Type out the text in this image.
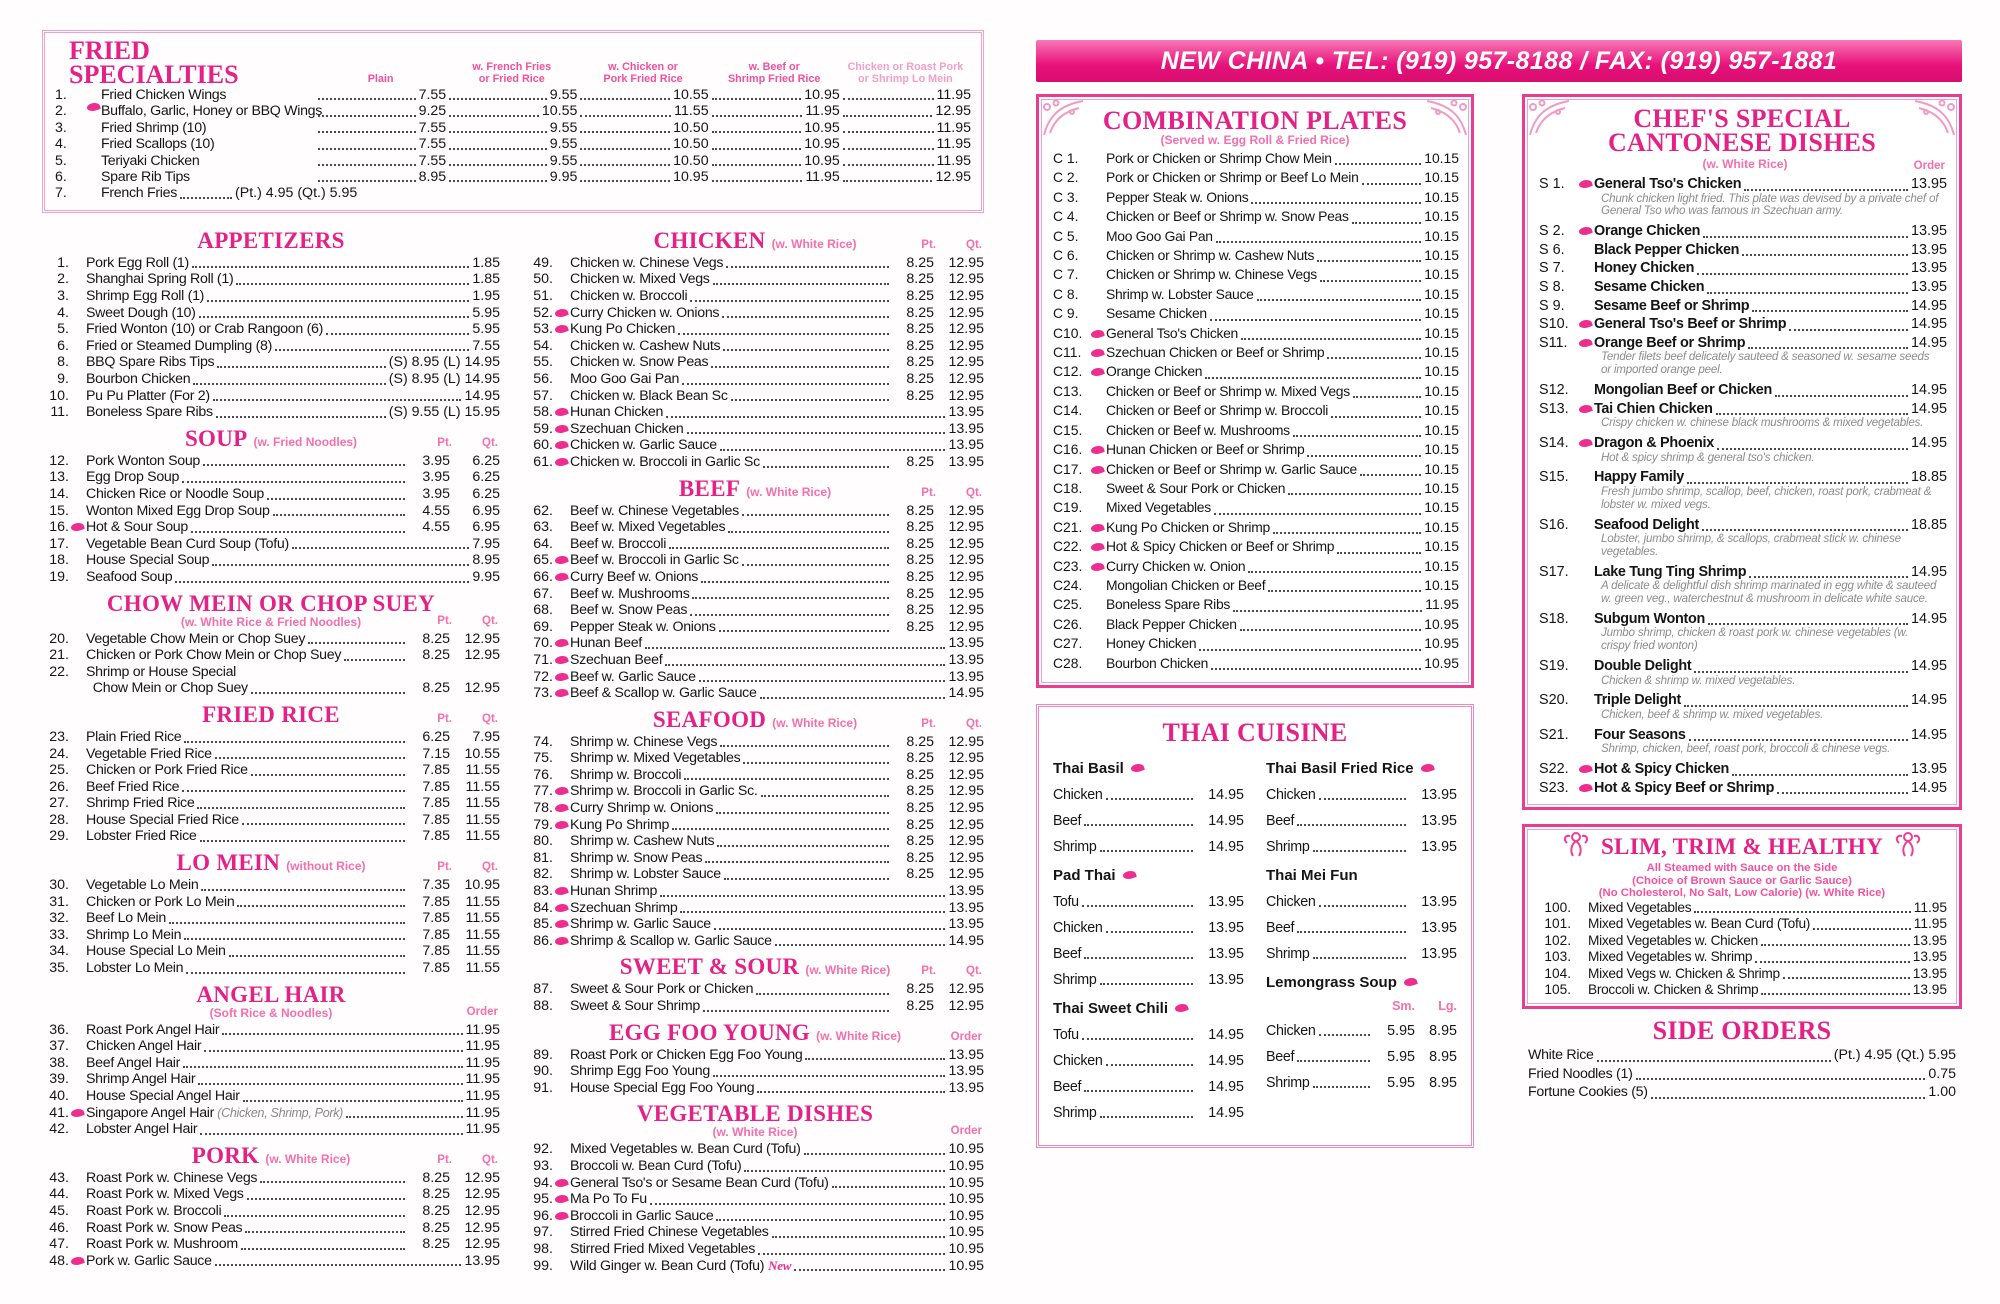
FRIED SPECIALTIES	Plain
w. French Fries
or Fried Rice
w. Chicken or
Pork Fried Rice
w. Beef or
Shrimp Fried Rice
Chicken or Roast Pork
or Shrimp Lo Mein
1.	Fried Chicken Wings	7.55	9.55	10.55	10.95	11.95
2.	Buffalo, Garlic, Honey or BBQ Wings	9.25	10.55	11.55	11.95	12.95
3.	Fried Shrimp (10)	7.55	9.55	10.50	10.95	11.95
4.	Fried Scallops (10)	7.55	9.55	10.50	10.95	11.95
5.	Teriyaki Chicken	7.55	9.55	10.50	10.95	11.95
6.	Spare Rib Tips	8.95	9.95	10.95	11.95	12.95
7.	French Fries	(Pt.) 4.95 (Qt.) 5.95
APPETIZERS
1. Pork Egg Roll (1)	1.85
2. Shanghai Spring Roll (1)	1.85
3. Shrimp Egg Roll (1)	1.95
4. Sweet Dough (10)	5.95
5. Fried Wonton (10) or Crab Rangoon (6)	5.95
6. Fried or Steamed Dumpling (8)	7.55
8. BBQ Spare Ribs Tips	(S) 8.95 (L) 14.95
9. Bourbon Chicken	(S) 8.95 (L) 14.95
10. Pu Pu Platter (For 2)	14.95
11. Boneless Spare Ribs	(S) 9.55 (L) 15.95
SOUP (w. Fried Noodles)	Pt.	Qt.
12. Pork Wonton Soup	3.95	6.25
13. Egg Drop Soup	3.95	6.25
14. Chicken Rice or Noodle Soup	3.95	6.25
15. Wonton Mixed Egg Drop Soup	4.55	6.95
16. Hot & Sour Soup	4.55	6.95
17. Vegetable Bean Curd Soup (Tofu)	7.95
18. House Special Soup	8.95
19. Seafood Soup	9.95
CHOW MEIN OR CHOP SUEY
(w. White Rice & Fried Noodles)	Pt.	Qt.
20. Vegetable Chow Mein or Chop Suey	8.25	12.95
21. Chicken or Pork Chow Mein or Chop Suey	8.25	12.95
22. Shrimp or House Special
 Chow Mein or Chop Suey	8.25	12.95
FRIED RICE	Pt.	Qt.
23. Plain Fried Rice	6.25	7.95
24. Vegetable Fried Rice	7.15	10.55
25. Chicken or Pork Fried Rice	7.85	11.55
26. Beef Fried Rice	7.85	11.55
27. Shrimp Fried Rice	7.85	11.55
28. House Special Fried Rice	7.85	11.55
29. Lobster Fried Rice	7.85	11.55
LO MEIN (without Rice)	Pt.	Qt.
30. Vegetable Lo Mein	7.35	10.95
31. Chicken or Pork Lo Mein	7.85	11.55
32. Beef Lo Mein	7.85	11.55
33. Shrimp Lo Mein	7.85	11.55
34. House Special Lo Mein	7.85	11.55
35. Lobster Lo Mein	7.85	11.55
ANGEL HAIR
(Soft Rice & Noodles)	Order
36. Roast Pork Angel Hair	11.95
37. Chicken Angel Hair	11.95
38. Beef Angel Hair	11.95
39. Shrimp Angel Hair	11.95
40. House Special Angel Hair	11.95
41. Singapore Angel Hair (Chicken, Shrimp, Pork)	11.95
42. Lobster Angel Hair	11.95
PORK (w. White Rice)	Pt.	Qt.
43. Roast Pork w. Chinese Vegs	8.25	12.95
44. Roast Pork w. Mixed Vegs	8.25	12.95
45. Roast Pork w. Broccoli	8.25	12.95
46. Roast Pork w. Snow Peas	8.25	12.95
47. Roast Pork w. Mushroom	8.25	12.95
48. Pork w. Garlic Sauce	13.95
CHICKEN (w. White Rice)	Pt.	Qt.
49. Chicken w. Chinese Vegs	8.25	12.95
50. Chicken w. Mixed Vegs	8.25	12.95
51. Chicken w. Broccoli	8.25	12.95
52. Curry Chicken w. Onions	8.25	12.95
53. Kung Po Chicken	8.25	12.95
54. Chicken w. Cashew Nuts	8.25	12.95
55. Chicken w. Snow Peas	8.25	12.95
56. Moo Goo Gai Pan	8.25	12.95
57. Chicken w. Black Bean Sc	8.25	12.95
58. Hunan Chicken	13.95
59. Szechuan Chicken	13.95
60. Chicken w. Garlic Sauce	13.95
61. Chicken w. Broccoli in Garlic Sc	8.25	13.95
BEEF (w. White Rice)	Pt.	Qt.
62. Beef w. Chinese Vegetables	8.25	12.95
63. Beef w. Mixed Vegetables	8.25	12.95
64. Beef w. Broccoli	8.25	12.95
65. Beef w. Broccoli in Garlic Sc	8.25	12.95
66. Curry Beef w. Onions	8.25	12.95
67. Beef w. Mushrooms	8.25	12.95
68. Beef w. Snow Peas	8.25	12.95
69. Pepper Steak w. Onions	8.25	12.95
70. Hunan Beef	13.95
71. Szechuan Beef	13.95
72. Beef w. Garlic Sauce	13.95
73. Beef & Scallop w. Garlic Sauce	14.95
SEAFOOD (w. White Rice)	Pt.	Qt.
74. Shrimp w. Chinese Vegs	8.25	12.95
75. Shrimp w. Mixed Vegetables	8.25	12.95
76. Shrimp w. Broccoli	8.25	12.95
77. Shrimp w. Broccoli in Garlic Sc.	8.25	12.95
78. Curry Shrimp w. Onions	8.25	12.95
79. Kung Po Shrimp	8.25	12.95
80. Shrimp w. Cashew Nuts	8.25	12.95
81. Shrimp w. Snow Peas	8.25	12.95
82. Shrimp w. Lobster Sauce	8.25	12.95
83. Hunan Shrimp	13.95
84. Szechuan Shrimp	13.95
85. Shrimp w. Garlic Sauce	13.95
86. Shrimp & Scallop w. Garlic Sauce	14.95
SWEET & SOUR (w. White Rice)	Pt.	Qt.
87. Sweet & Sour Pork or Chicken	8.25	12.95
88. Sweet & Sour Shrimp	8.25	12.95
EGG FOO YOUNG (w. White Rice)	Order
89. Roast Pork or Chicken Egg Foo Young	13.95
90. Shrimp Egg Foo Young	13.95
91. House Special Egg Foo Young	13.95
VEGETABLE DISHES
(w. White Rice)	Order
92. Mixed Vegetables w. Bean Curd (Tofu)	10.95
93. Broccoli w. Bean Curd (Tofu)	10.95
94. General Tso's or Sesame Bean Curd (Tofu)	10.95
95. Ma Po To Fu	10.95
96. Broccoli in Garlic Sauce	10.95
97. Stirred Fried Chinese Vegetables	10.95
98. Stirred Fried Mixed Vegetables	10.95
99. Wild Ginger w. Bean Curd (Tofu) New	10.95
NEW CHINA • TEL: (919) 957-8188 / FAX: (919) 957-1881
COMBINATION PLATES
(Served w. Egg Roll & Fried Rice)
C 1.	Pork or Chicken or Shrimp Chow Mein	10.15
C 2.	Pork or Chicken or Shrimp or Beef Lo Mein	10.15
C 3.	Pepper Steak w. Onions	10.15
C 4.	Chicken or Beef or Shrimp w. Snow Peas	10.15
C 5.	Moo Goo Gai Pan	10.15
C 6.	Chicken or Shrimp w. Cashew Nuts	10.15
C 7.	Chicken or Shrimp w. Chinese Vegs	10.15
C 8.	Shrimp w. Lobster Sauce	10.15
C 9.	Sesame Chicken	10.15
C10.	General Tso's Chicken	10.15
C11.	Szechuan Chicken or Beef or Shrimp	10.15
C12.	Orange Chicken	10.15
C13.	Chicken or Beef or Shrimp w. Mixed Vegs	10.15
C14.	Chicken or Beef or Shrimp w. Broccoli	10.15
C15.	Chicken or Beef w. Mushrooms	10.15
C16.	Hunan Chicken or Beef or Shrimp	10.15
C17.	Chicken or Beef or Shrimp w. Garlic Sauce	10.15
C18.	Sweet & Sour Pork or Chicken	10.15
C19.	Mixed Vegetables	10.15
C21.	Kung Po Chicken or Shrimp	10.15
C22.	Hot & Spicy Chicken or Beef or Shrimp	10.15
C23.	Curry Chicken w. Onion	10.15
C24.	Mongolian Chicken or Beef	10.15
C25.	Boneless Spare Ribs	11.95
C26.	Black Pepper Chicken	10.95
C27.	Honey Chicken	10.95
C28.	Bourbon Chicken	10.95
THAI CUISINE
Thai Basil
Chicken	14.95
Beef	14.95
Shrimp	14.95
Pad Thai
Tofu	13.95
Chicken	13.95
Beef	13.95
Shrimp	13.95
Thai Sweet Chili
Tofu	14.95
Chicken	14.95
Beef	14.95
Shrimp	14.95
Thai Basil Fried Rice
Chicken	13.95
Beef	13.95
Shrimp	13.95
Thai Mei Fun
Chicken	13.95
Beef	13.95
Shrimp	13.95
Lemongrass Soup
Sm.	Lg.
Chicken	5.95 8.95
Beef	5.95 8.95
Shrimp	5.95 8.95
CHEF'S SPECIAL
CANTONESE DISHES
(w. White Rice)	Order
S 1.	General Tso's Chicken	13.95
Chunk chicken light fried. This plate was devised by a private chef of General Tso who was famous in Szechuan army.
S 2.	Orange Chicken	13.95
S 6.	Black Pepper Chicken	13.95
S 7.	Honey Chicken	13.95
S 8.	Sesame Chicken	13.95
S 9.	Sesame Beef or Shrimp	14.95
S10.	General Tso's Beef or Shrimp	14.95
S11.	Orange Beef or Shrimp	14.95
Tender filets beef delicately sauteed & seasoned w. sesame seeds or imported orange peel.
S12.	Mongolian Beef or Chicken	14.95
S13.	Tai Chien Chicken	14.95
Crispy chicken w. chinese black mushrooms & mixed vegetables.
S14.	Dragon & Phoenix	14.95
Hot & spicy shrimp & general tso's chicken.
S15.	Happy Family	18.85
Fresh jumbo shrimp, scallop, beef, chicken, roast pork, crabmeat & lobster w. mixed vegs.
S16.	Seafood Delight	18.85
Lobster, jumbo shrimp, & scallops, crabmeat stick w. chinese vegetables.
S17.	Lake Tung Ting Shrimp	14.95
A delicate & delightful dish shrimp marinated in egg white & sauteed w. green veg., waterchestnut & mushroom in delicate white sauce.
S18.	Subgum Wonton	14.95
Jumbo shrimp, chicken & roast pork w. chinese vegetables (w. crispy fried wonton)
S19.	Double Delight	14.95
Chicken & shrimp w. mixed vegetables.
S20.	Triple Delight	14.95
Chicken, beef & shrimp w. mixed vegetables.
S21.	Four Seasons	14.95
Shrimp, chicken, beef, roast pork, broccoli & chinese vegs.
S22.	Hot & Spicy Chicken	13.95
S23.	Hot & Spicy Beef or Shrimp	14.95
SLIM, TRIM & HEALTHY
All Steamed with Sauce on the Side
(Choice of Brown Sauce or Garlic Sauce)
(No Cholesterol, No Salt, Low Calorie) (w. White Rice)
100. Mixed Vegetables	11.95
101. Mixed Vegetables w. Bean Curd (Tofu)	11.95
102. Mixed Vegetables w. Chicken	13.95
103. Mixed Vegetables w. Shrimp	13.95
104. Mixed Vegs w. Chicken & Shrimp	13.95
105. Broccoli w. Chicken & Shrimp	13.95
SIDE ORDERS
White Rice	(Pt.) 4.95 (Qt.) 5.95
Fried Noodles (1)	0.75
Fortune Cookies (5)	1.00
